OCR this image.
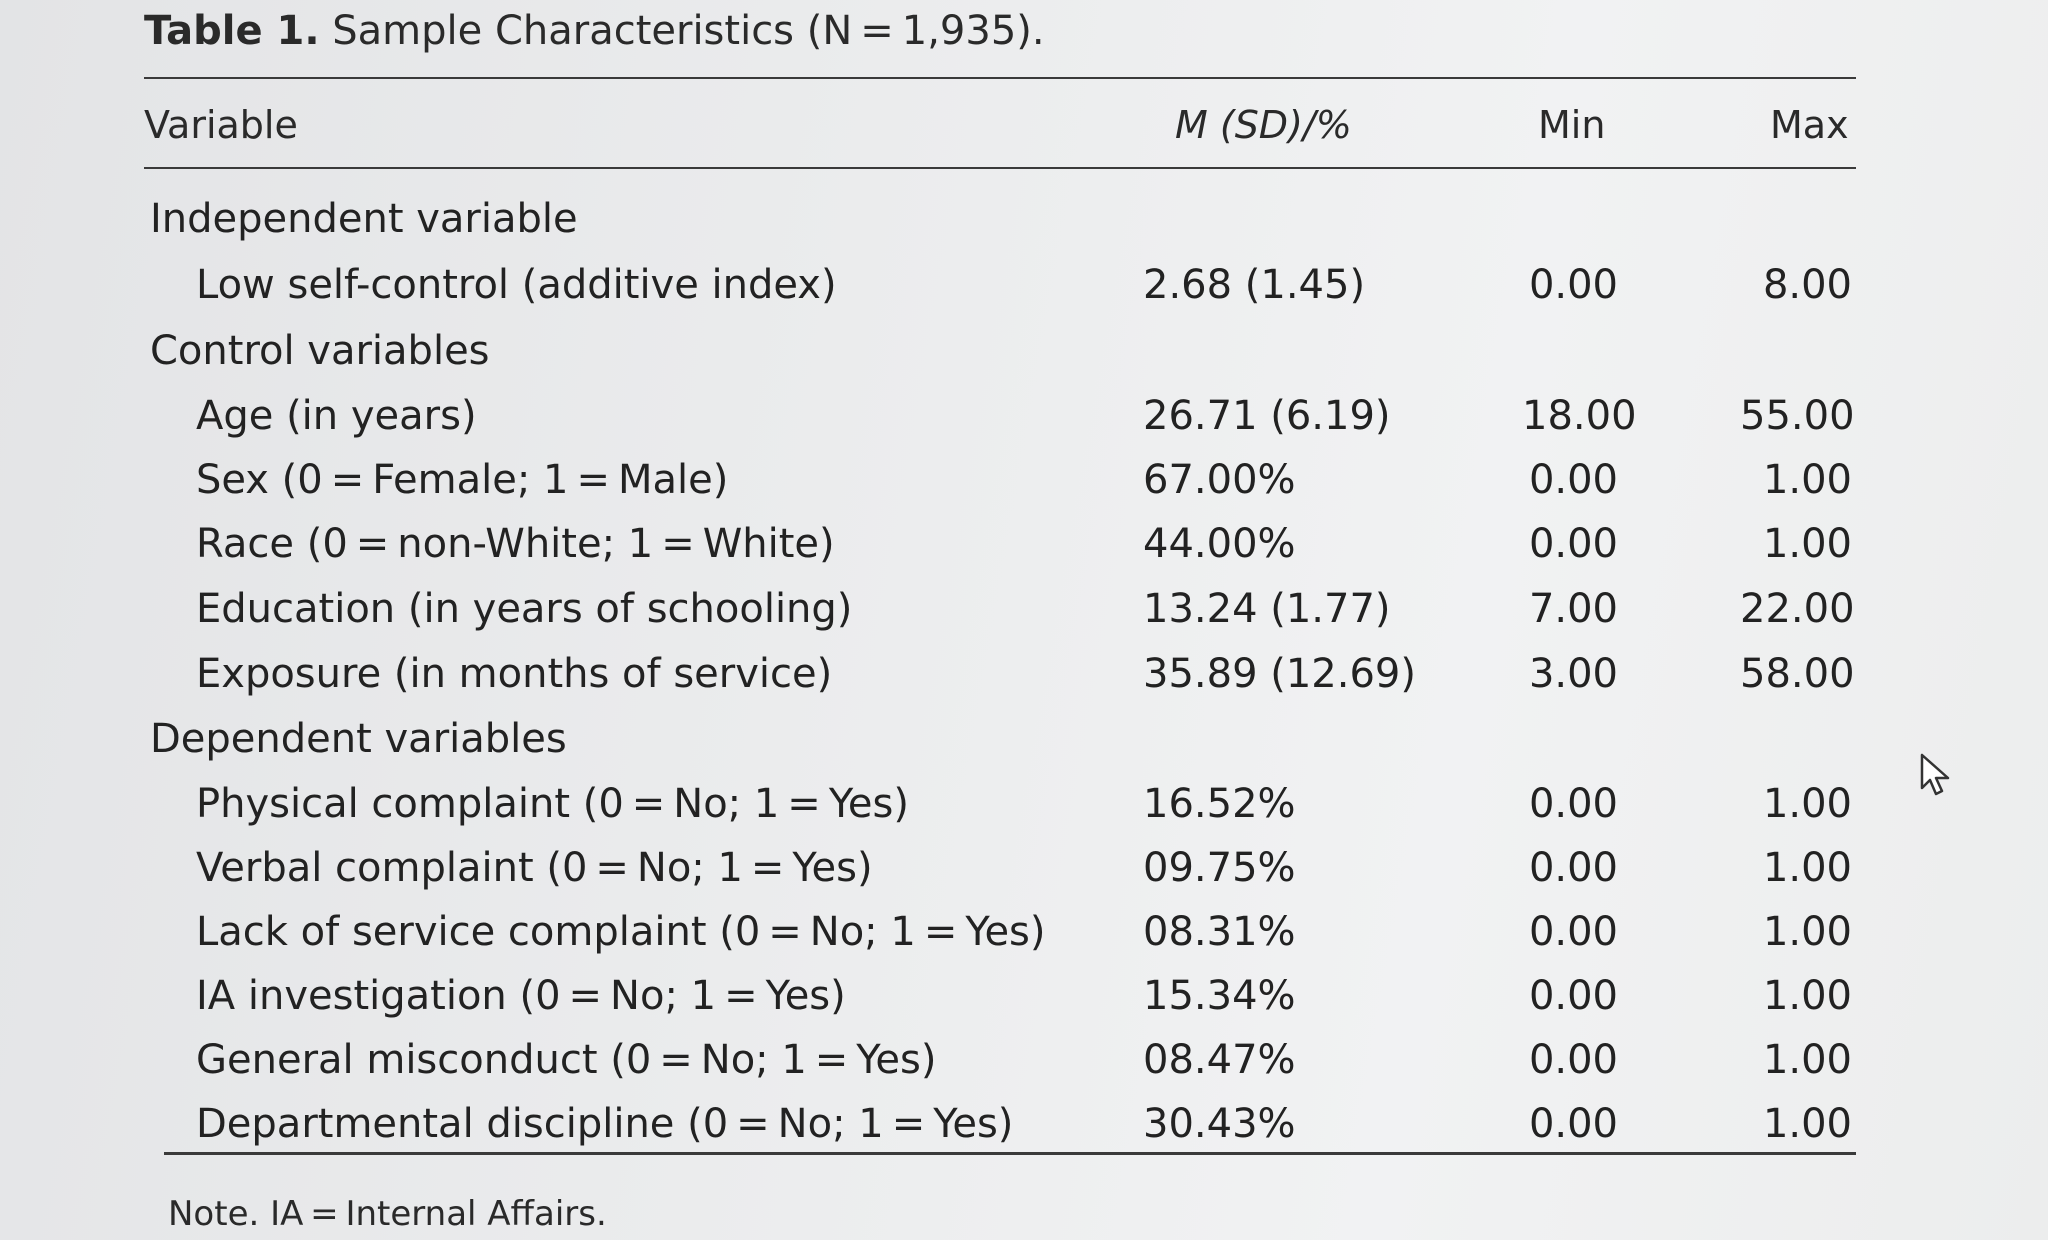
Table 1. Sample Characteristics (N = 1,935).
Variable	M (SD)/%	Min	Max
Independent variable
Low self-control (additive index)	2.68 (1.45)	0.00	8.00
Control variables
Age (in years)	26.71 (6.19)	18.00	55.00
Sex (0 = Female; 1 = Male)	67.00%	0.00	1.00
Race (0 = non-White; 1 = White)	44.00%	0.00	1.00
Education (in years of schooling)	13.24 (1.77)	7.00	22.00
Exposure (in months of service)	35.89 (12.69)	3.00	58.00
Dependent variables
Physical complaint (0 = No; 1 = Yes)	16.52%	0.00	1.00
Verbal complaint (0 = No; 1 = Yes)	09.75%	0.00	1.00
Lack of service complaint (0 = No; 1 = Yes) 08.31%	0.00	1.00
IA investigation (0 = No; 1 = Yes)	15.34%	0.00	1.00
General misconduct (0 = No; 1 = Yes)	08.47%	0.00	1.00
Departmental discipline (0 = No; 1 = Yes)	30.43%	0.00	1.00
Note. IA = Internal Affairs.
